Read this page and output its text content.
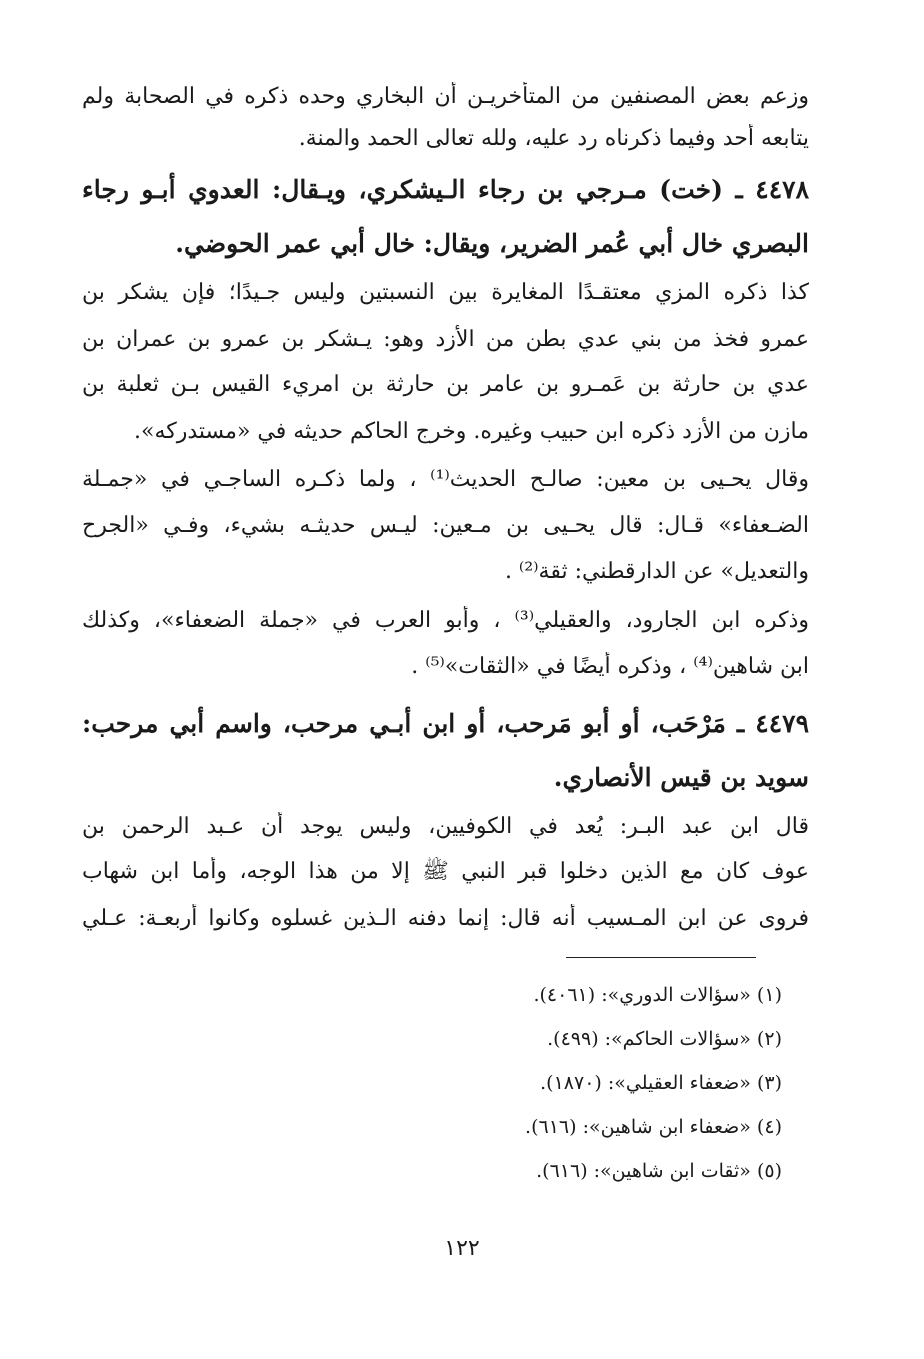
وزعم بعض المصنفين من المتأخريـن أن البخاري وحده ذكره في الصحابة ولم
يتابعه أحد وفيما ذكرناه رد عليه، ولله تعالى الحمد والمنة.
٤٤٧٨ ـ (خت) مـرجي بن رجاء الـيشكري، ويـقال: العدوي أبـو رجاء
البصري خال أبي عُمر الضرير، ويقال: خال أبي عمر الحوضي.
كذا ذكره المزي معتقـدًا المغايرة بين النسبتين وليس جـيدًا؛ فإن يشكر بن
عمرو فخذ من بني عدي بطن من الأزد وهو: يـشكر بن عمرو بن عمران بن
عدي بن حارثة بن عَمـرو بن عامر بن حارثة بن امريء القيس بـن ثعلبة بن
مازن من الأزد ذكره ابن حبيب وغيره. وخرج الحاكم حديثه في «مستدركه».
وقال يحـيى بن معين: صالـح الحديث⁽¹⁾ ، ولما ذكـره الساجـي في «جمـلة
الضـعفاء» قـال: قال يحـيى بن مـعين: ليـس حديثـه بشيء، وفـي «الجرح
والتعديل» عن الدارقطني: ثقة⁽²⁾ .
وذكره ابن الجارود، والعقيلي⁽³⁾ ، وأبو العرب في «جملة الضعفاء»، وكذلك
ابن شاهين⁽⁴⁾ ، وذكره أيضًا في «الثقات»⁽⁵⁾ .
٤٤٧٩ ـ مَرْحَب، أو أبو مَرحب، أو ابن أبـي مرحب، واسم أبي مرحب:
سويد بن قيس الأنصاري.
قال ابن عبد البـر: يُعد في الكوفيين، وليس يوجد أن عـبد الرحمن بن
عوف كان مع الذين دخلوا قبر النبي ﷺ إلا من هذا الوجه، وأما ابن شهاب
فروى عن ابن المـسيب أنه قال: إنما دفنه الـذين غسلوه وكانوا أربعـة: عـلي
(١) «سؤالات الدوري»: (٤٠٦١).
(٢) «سؤالات الحاكم»: (٤٩٩).
(٣) «ضعفاء العقيلي»: (١٨٧٠).
(٤) «ضعفاء ابن شاهين»: (٦١٦).
(٥) «ثقات ابن شاهين»: (٦١٦).
١٢٢
